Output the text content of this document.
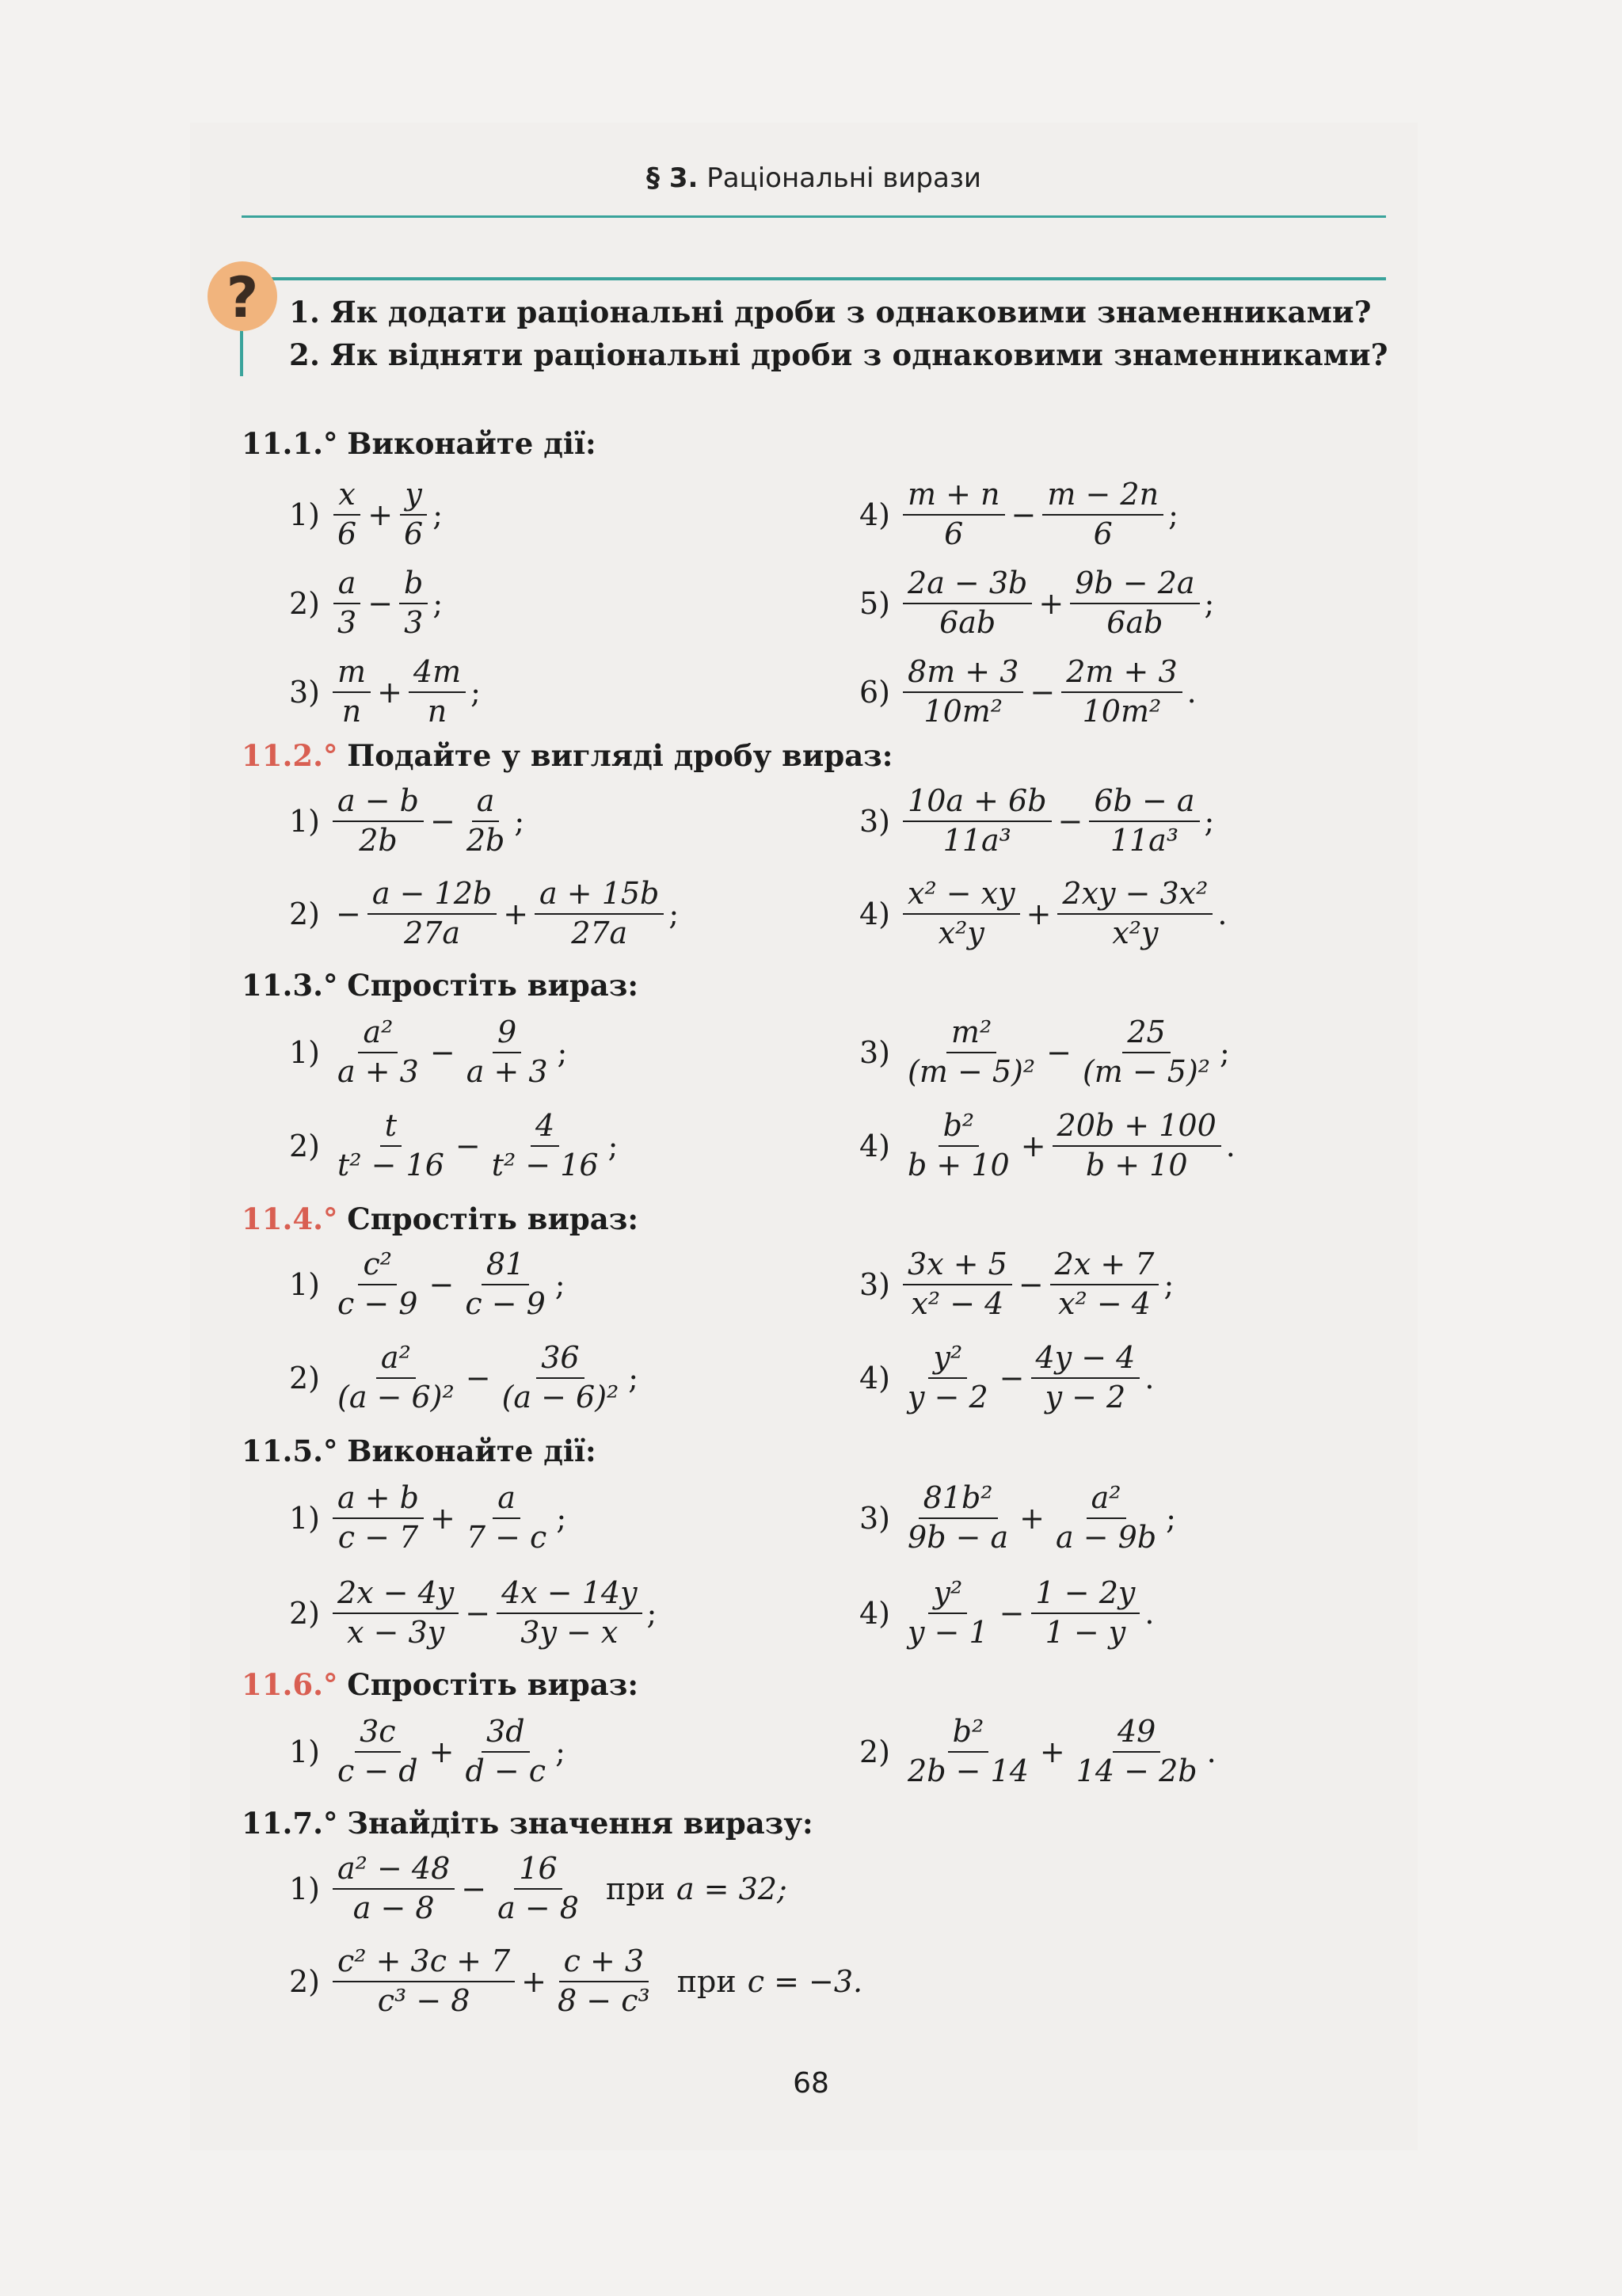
§ 3. Раціональні вирази
?	1. Як додати раціональні дроби з однаковими знаменниками?
2. Як відняти раціональні дроби з однаковими знаменниками?
11.1.° Виконайте дії:
$1) \frac{x}{6} + \frac{y}{6}$ ;
$2) \frac{a}{3} - \frac{b}{3}$ ;
$3) \frac{m}{n} + \frac{4m}{n}$ ;
$4) \frac{m + n}{6} - \frac{m - 2n}{6}$ ;
$5) \frac{2a - 3b}{6ab} + \frac{9b - 2a}{6ab}$ ;
$6) \frac{8m + 3}{\text{10m²}} - \frac{2m + 3}{\text{10m²}}$ .
11.2.° Подайте у вигляді дробу вираз:
$1) \frac{a - b}{2b} - \frac{a}{2b}$ ;
$2) - \frac{a - 12b}{27a} + \frac{a + 15b}{27a}$ ;
$3) \frac{10a + 6b}{\text{11a³}} - \frac{6b - a}{\text{11a³}}$ ;
$4) \frac{\text{x² − xy}}{\text{x²y}} + \frac{\text{2xy − 3x²}}{\text{x²y}}$ .
11.3.° Спростіть вираз:
$1) \frac{\text{a²}}{a + 3} - \frac{9}{a + 3}$ ;
$2) \frac{t}{\text{t² − 16}} - \frac{4}{\text{t² − 16}}$ ;
$3) \frac{\text{m²}}{\text{(m − 5)²}} - \frac{25}{\text{(m − 5)²}}$ ;
$4) \frac{\text{b²}}{b + 10} + \frac{20b + 100}{b + 10}$ .
11.4.° Спростіть вираз:
$1) \frac{\text{c²}}{c - 9} - \frac{81}{c - 9}$ ;
$2) \frac{\text{a²}}{\text{(a − 6)²}} - \frac{36}{\text{(a − 6)²}}$ ;
$3) \frac{3x + 5}{\text{x² − 4}} - \frac{2x + 7}{\text{x² − 4}}$ ;
$4) \frac{\text{y²}}{y - 2} - \frac{4y - 4}{y - 2}$ .
11.5.° Виконайте дії:
$1) \frac{a + b}{c - 7} + \frac{a}{7 - c}$ ;
$2) \frac{2x - 4y}{x - 3y} - \frac{4x - 14y}{3y - x}$ ;
$3) \frac{\text{81b²}}{9b - a} + \frac{\text{a²}}{a - 9b}$ ;
$4) \frac{\text{y²}}{y - 1} - \frac{1 - 2y}{1 - y}$ .
11.6.° Спростіть вираз:
$1) \frac{3c}{c - d} + \frac{3d}{d - c}$ ;	$2) \frac{\text{b²}}{2b - 14} + \frac{49}{14 - 2b}$ .
11.7.° Знайдіть значення виразу:
$1) \frac{\text{a² − 48}}{a - 8} - \frac{16}{a - 8}$ при a = 32;
$2) \frac{\text{c² + 3c + 7}}{\text{c³ − 8}} + \frac{c + 3}{\text{8 − c³}}$ при c = −3.
68
